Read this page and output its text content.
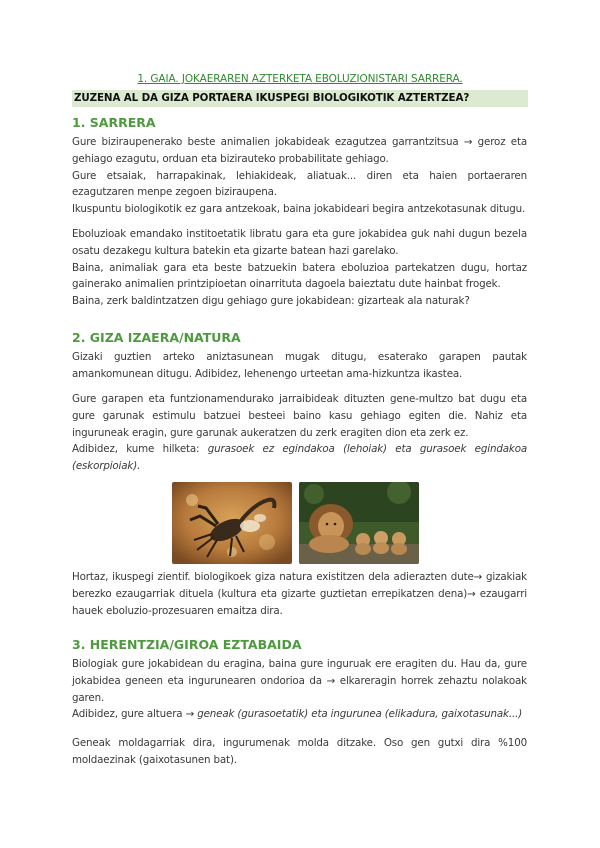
1. GAIA. JOKAERAREN AZTERKETA EBOLUZIONISTARI SARRERA.
ZUZENA AL DA GIZA PORTAERA IKUSPEGI BIOLOGIKOTIK AZTERTZEA?
1. SARRERA

Gure biziraupenerako beste animalien jokabideak ezagutzea garrantzitsua → geroz eta gehiago ezagutu, orduan eta bizirauteko probabilitate gehiago.

Gure etsaiak, harrapakinak, lehiakideak, aliatuak... diren eta haien portaeraren ezagutzaren menpe zegoen biziraupena.

Ikuspuntu biologikotik ez gara antzekoak, baina jokabideari begira antzekotasunak ditugu.

Eboluzioak emandako institoetatik libratu gara eta gure jokabidea guk nahi dugun bezela osatu dezakegu kultura batekin eta gizarte batean hazi garelako.

Baina, animaliak gara eta beste batzuekin batera eboluzioa partekatzen dugu, hortaz gainerako animalien printzipioetan oinarrituta dagoela baieztatu dute hainbat frogek.

Baina, zerk baldintzatzen digu gehiago gure jokabidean: gizarteak ala naturak?

2. GIZA IZAERA/NATURA

Gizaki guztien arteko aniztasunean mugak ditugu, esaterako garapen pautak amankomunean ditugu. Adibidez, lehenengo urteetan ama-hizkuntza ikastea.

Gure garapen eta funtzionamendurako jarraibideak dituzten gene-multzo bat dugu eta gure garunak estimulu batzuei besteei baino kasu gehiago egiten die. Nahiz eta inguruneak eragin, gure garunak aukeratzen du zerk eragiten dion eta zerk ez.

Adibidez, kume hilketa: gurasoek ez egindakoa (lehoiak) eta gurasoek egindakoa (eskorpioiak).

Hortaz, ikuspegi zientif. biologikoek giza natura existitzen dela adierazten dute→ gizakiak berezko ezaugarriak dituela (kultura eta gizarte guztietan errepikatzen dena)→ ezaugarri hauek eboluzio-prozesuaren emaitza dira.

3. HERENTZIA/GIROA EZTABAIDA

Biologiak gure jokabidean du eragina, baina gure inguruak ere eragiten du. Hau da, gure jokabidea geneen eta ingurunearen ondorioa da → elkareragin horrek zehaztu nolakoak garen.

Adibidez, gure altuera → geneak (gurasoetatik) eta ingurunea (elikadura, gaixotasunak...)

Geneak moldagarriak dira, ingurumenak molda ditzake. Oso gen gutxi dira %100 moldaezinak (gaixotasunen bat).
